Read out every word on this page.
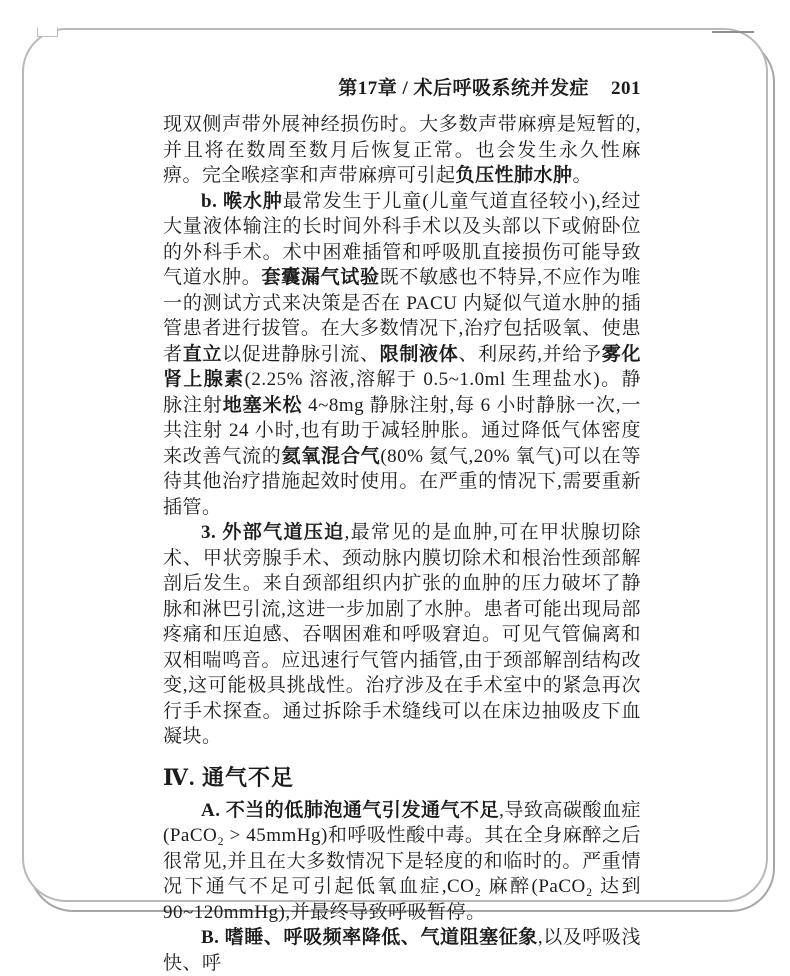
第17章 / 术后呼吸系统并发症 201

现双侧声带外展神经损伤时。大多数声带麻痹是短暂的,并且将在数周至数月后恢复正常。也会发生永久性麻痹。完全喉痉挛和声带麻痹可引起负压性肺水肿。

b. 喉水肿最常发生于儿童(儿童气道直径较小),经过大量液体输注的长时间外科手术以及头部以下或俯卧位的外科手术。术中困难插管和呼吸肌直接损伤可能导致气道水肿。套囊漏气试验既不敏感也不特异,不应作为唯一的测试方式来决策是否在 PACU 内疑似气道水肿的插管患者进行拔管。在大多数情况下,治疗包括吸氧、使患者直立以促进静脉引流、限制液体、利尿药,并给予雾化肾上腺素(2.25% 溶液,溶解于 0.5~1.0ml 生理盐水)。静脉注射地塞米松 4~8mg 静脉注射,每 6 小时静脉一次,一共注射 24 小时,也有助于减轻肿胀。通过降低气体密度来改善气流的氦氧混合气(80% 氦气,20% 氧气)可以在等待其他治疗措施起效时使用。在严重的情况下,需要重新插管。

3. 外部气道压迫,最常见的是血肿,可在甲状腺切除术、甲状旁腺手术、颈动脉内膜切除术和根治性颈部解剖后发生。来自颈部组织内扩张的血肿的压力破坏了静脉和淋巴引流,这进一步加剧了水肿。患者可能出现局部疼痛和压迫感、吞咽困难和呼吸窘迫。可见气管偏离和双相喘鸣音。应迅速行气管内插管,由于颈部解剖结构改变,这可能极具挑战性。治疗涉及在手术室中的紧急再次行手术探查。通过拆除手术缝线可以在床边抽吸皮下血凝块。

Ⅳ. 通气不足

A. 不当的低肺泡通气引发通气不足,导致高碳酸血症(PaCO₂ > 45mmHg)和呼吸性酸中毒。其在全身麻醉之后很常见,并且在大多数情况下是轻度的和临时的。严重情况下通气不足可引起低氧血症,CO₂ 麻醉(PaCO₂ 达到 90~120mmHg),并最终导致呼吸暂停。

B. 嗜睡、呼吸频率降低、气道阻塞征象,以及呼吸浅快、呼
